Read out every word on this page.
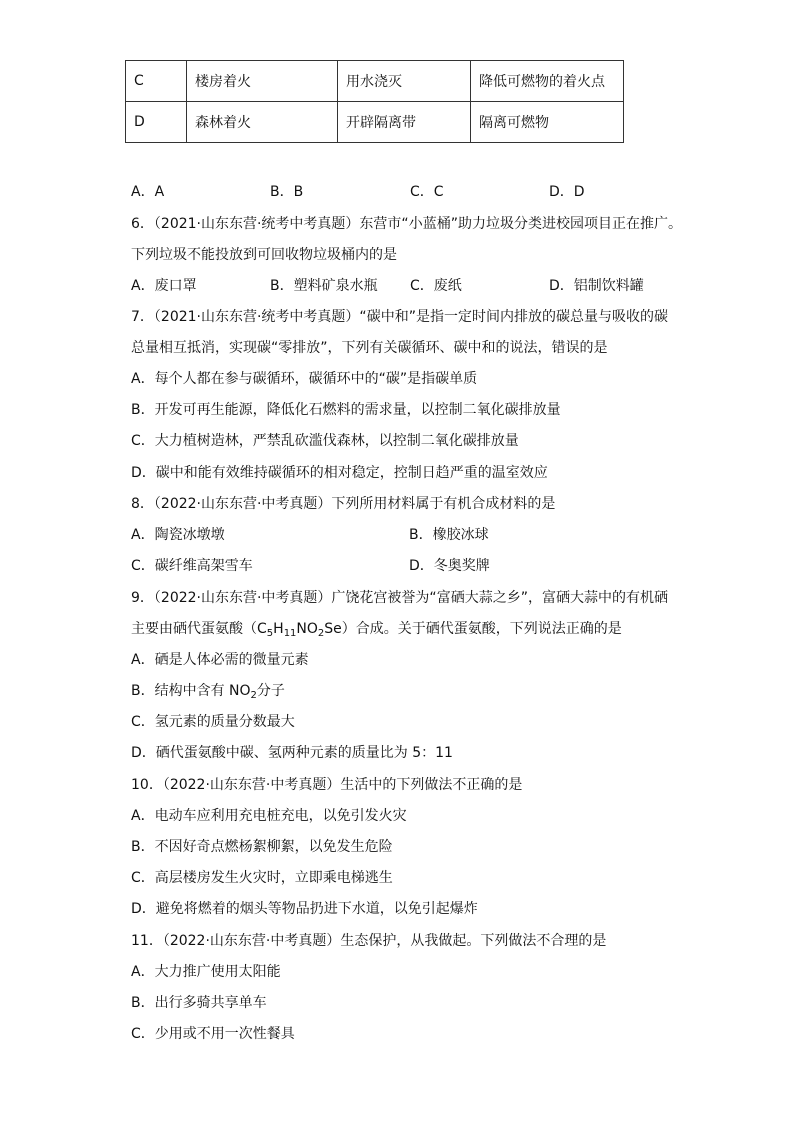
C	楼房着火	用水浇灭	降低可燃物的着火点
D	森林着火	开辟隔离带	隔离可燃物
A．A	B．B	C．C	D．D
6．（2021·山东东营·统考中考真题）东营市“小蓝桶”助力垃圾分类进校园项目正在推广。
下列垃圾不能投放到可回收物垃圾桶内的是
A．废口罩	B．塑料矿泉水瓶 C．废纸	D．铝制饮料罐
7．（2021·山东东营·统考中考真题）“碳中和”是指一定时间内排放的碳总量与吸收的碳
总量相互抵消，实现碳“零排放”，下列有关碳循环、碳中和的说法，错误的是
A．每个人都在参与碳循环，碳循环中的“碳”是指碳单质
B．开发可再生能源，降低化石燃料的需求量，以控制二氧化碳排放量
C．大力植树造林，严禁乱砍滥伐森林，以控制二氧化碳排放量
D．碳中和能有效维持碳循环的相对稳定，控制日趋严重的温室效应
8．（2022·山东东营·中考真题）下列所用材料属于有机合成材料的是
A．陶瓷冰墩墩	B．橡胶冰球
C．碳纤维高架雪车	D．冬奥奖牌
9．（2022·山东东营·中考真题）广饶花宫被誉为“富硒大蒜之乡”，富硒大蒜中的有机硒
主要由硒代蛋氨酸$(C_5H_{11}NO_2Se)$合成。关于硒代蛋氨酸，下列说法正确的是
A．硒是人体必需的微量元素
B．结构中含有 $NO_2$分子
C．氢元素的质量分数最大
D．硒代蛋氨酸中碳、氢两种元素的质量比为 5：11
10．（2022·山东东营·中考真题）生活中的下列做法不正确的是
A．电动车应利用充电桩充电，以免引发火灾
B．不因好奇点燃杨絮柳絮，以免发生危险
C．高层楼房发生火灾时，立即乘电梯逃生
D．避免将燃着的烟头等物品扔进下水道，以免引起爆炸
11．（2022·山东东营·中考真题）生态保护，从我做起。下列做法不合理的是
A．大力推广使用太阳能
B．出行多骑共享单车
C．少用或不用一次性餐具
